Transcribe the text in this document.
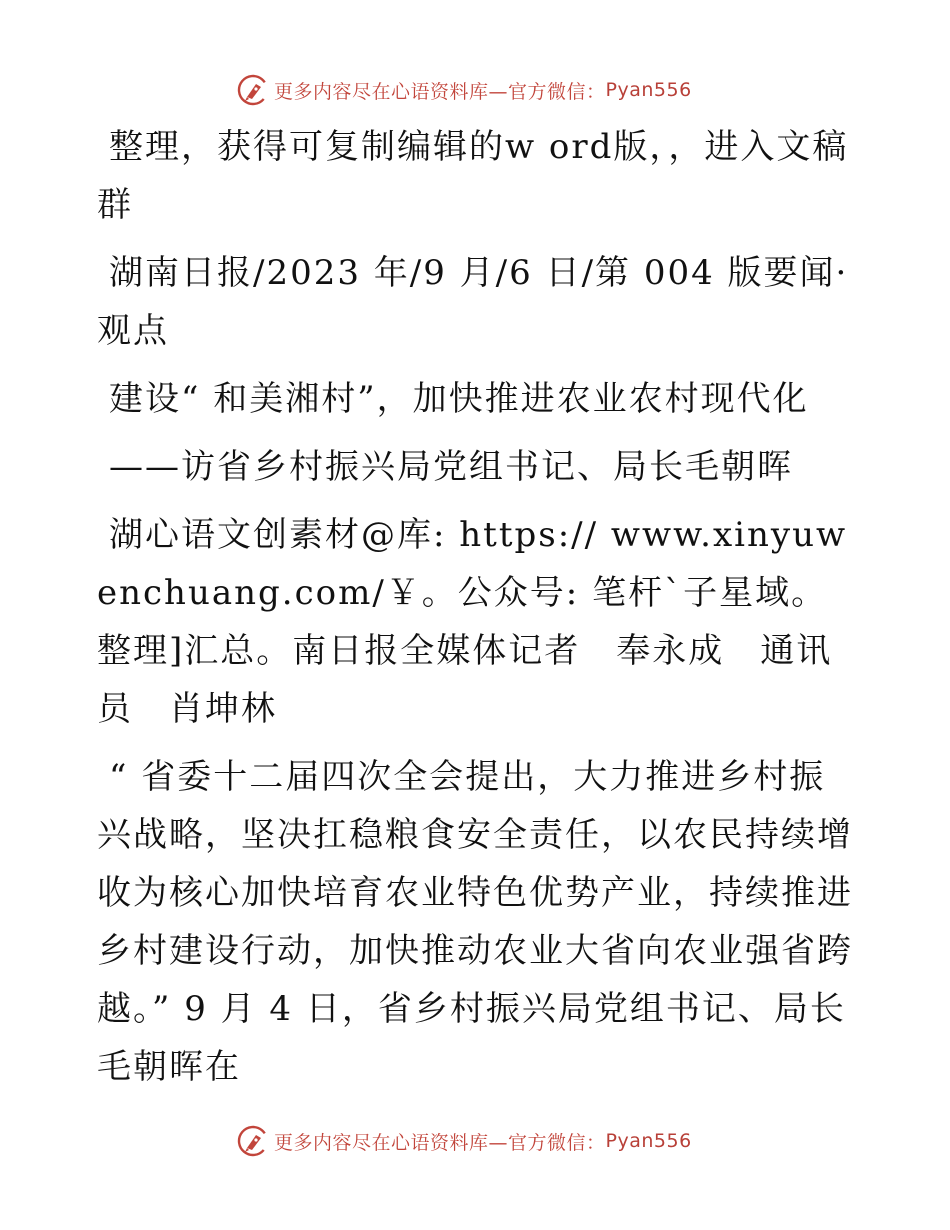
更多内容尽在心语资料库 —官方微信： Pyan556

整理，获得可复制编辑的w ord版，，进入文稿群

湖南日报/2023 年/9 月/6 日/第 004 版要闻·观点

建设“ 和美湘村”，加快推进农业农村现代化

——访省乡村振兴局党组书记、局长毛朝晖

湖心语文创素材@库: https:// www.xinyuwenchuang.com/￥。公众号: 笔杆`子星域。整理]汇总。南日报全媒体记者　奉永成　通讯员　肖坤林

“ 省委十二届四次全会提出，大力推进乡村振兴战略，坚决扛稳粮食安全责任，以农民持续增收为核心加快培育农业特色优势产业，持续推进乡村建设行动，加快推动农业大省向农业强省跨越。” 9 月 4 日，省乡村振兴局党组书记、局长毛朝晖在

更多内容尽在心语资料库 —官方微信： Pyan556
